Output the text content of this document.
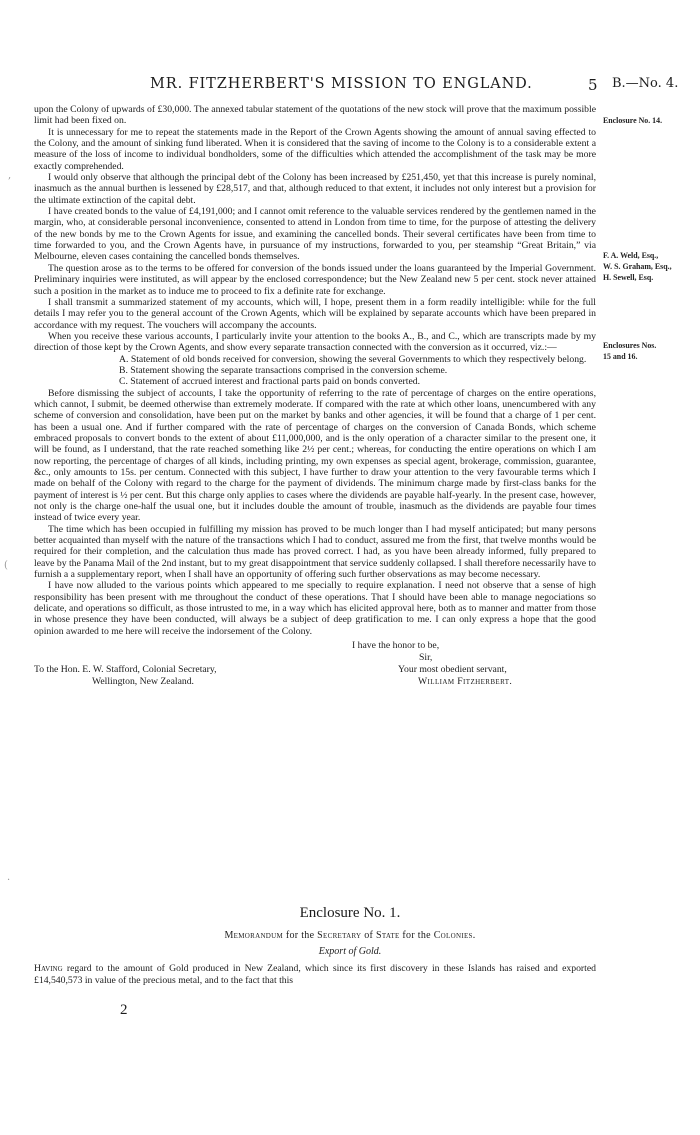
MR. FITZHERBERT'S MISSION TO ENGLAND.	5 B.—No. 4.
Enclosure No. 14.
F. A. Weld, Esq.,
W. S. Graham, Esq.,
H. Sewell, Esq.
Enclosures Nos.
15 and 16.
,
(
·

upon the Colony of upwards of £30,000. The annexed tabular statement of the quotations of the new stock will prove that the maximum possible limit had been fixed on.

It is unnecessary for me to repeat the statements made in the Report of the Crown Agents showing the amount of annual saving effected to the Colony, and the amount of sinking fund liberated. When it is considered that the saving of income to the Colony is to a considerable extent a measure of the loss of income to individual bondholders, some of the difficulties which attended the accomplishment of the task may be more exactly comprehended.

I would only observe that although the principal debt of the Colony has been increased by £251,450, yet that this increase is purely nominal, inasmuch as the annual burthen is lessened by £28,517, and that, although reduced to that extent, it includes not only interest but a provision for the ultimate extinction of the capital debt.

I have created bonds to the value of £4,191,000; and I cannot omit reference to the valuable services rendered by the gentlemen named in the margin, who, at considerable personal inconvenience, consented to attend in London from time to time, for the purpose of attesting the delivery of the new bonds by me to the Crown Agents for issue, and examining the cancelled bonds. Their several certificates have been from time to time forwarded to you, and the Crown Agents have, in pursuance of my instructions, forwarded to you, per steamship “Great Britain,” via Melbourne, eleven cases containing the cancelled bonds themselves.

The question arose as to the terms to be offered for conversion of the bonds issued under the loans guaranteed by the Imperial Government. Preliminary inquiries were instituted, as will appear by the enclosed correspondence; but the New Zealand new 5 per cent. stock never attained such a position in the market as to induce me to proceed to fix a definite rate for exchange.

I shall transmit a summarized statement of my accounts, which will, I hope, present them in a form readily intelligible: while for the full details I may refer you to the general account of the Crown Agents, which will be explained by separate accounts which have been prepared in accordance with my request. The vouchers will accompany the accounts.

When you receive these various accounts, I particularly invite your attention to the books A., B., and C., which are transcripts made by my direction of those kept by the Crown Agents, and show every separate transaction connected with the conversion as it occurred, viz.:—

A. Statement of old bonds received for conversion, showing the several Governments to which they respectively belong.
B. Statement showing the separate transactions comprised in the conversion scheme.
C. Statement of accrued interest and fractional parts paid on bonds converted.

Before dismissing the subject of accounts, I take the opportunity of referring to the rate of percentage of charges on the entire operations, which cannot, I submit, be deemed otherwise than extremely moderate. If compared with the rate at which other loans, unencumbered with any scheme of conversion and consolidation, have been put on the market by banks and other agencies, it will be found that a charge of 1 per cent. has been a usual one. And if further compared with the rate of percentage of charges on the conversion of Canada Bonds, which scheme embraced proposals to convert bonds to the extent of about £11,000,000, and is the only operation of a character similar to the present one, it will be found, as I understand, that the rate reached something like 2½ per cent.; whereas, for conducting the entire operations on which I am now reporting, the percentage of charges of all kinds, including printing, my own expenses as special agent, brokerage, commission, guarantee, &c., only amounts to 15s. per centum. Connected with this subject, I have further to draw your attention to the very favourable terms which I made on behalf of the Colony with regard to the charge for the payment of dividends. The minimum charge made by first-class banks for the payment of interest is ½ per cent. But this charge only applies to cases where the dividends are payable half-yearly. In the present case, however, not only is the charge one-half the usual one, but it includes double the amount of trouble, inasmuch as the dividends are payable four times instead of twice every year.

The time which has been occupied in fulfilling my mission has proved to be much longer than I had myself anticipated; but many persons better acquainted than myself with the nature of the transactions which I had to conduct, assured me from the first, that twelve months would be required for their completion, and the calculation thus made has proved correct. I had, as you have been already informed, fully prepared to leave by the Panama Mail of the 2nd instant, but to my great disappointment that service suddenly collapsed. I shall therefore necessarily have to furnish a a supplementary report, when I shall have an opportunity of offering such further observations as may become necessary.

I have now alluded to the various points which appeared to me specially to require explanation. I need not observe that a sense of high responsibility has been present with me throughout the conduct of these operations. That I should have been able to manage negociations so delicate, and operations so difficult, as those intrusted to me, in a way which has elicited approval here, both as to manner and matter from those in whose presence they have been conducted, will always be a subject of deep gratification to me. I can only express a hope that the good opinion awarded to me here will receive the indorsement of the Colony.

I have the honor to be,
Sir,
Your most obedient servant,
William Fitzherbert.
To the Hon. E. W. Stafford, Colonial Secretary,
Wellington, New Zealand.
Enclosure No. 1.
Memorandum for the Secretary of State for the Colonies.
Export of Gold.
Having regard to the amount of Gold produced in New Zealand, which since its first discovery in these Islands has raised and exported £14,540,573 in value of the precious metal, and to the fact that this
2
